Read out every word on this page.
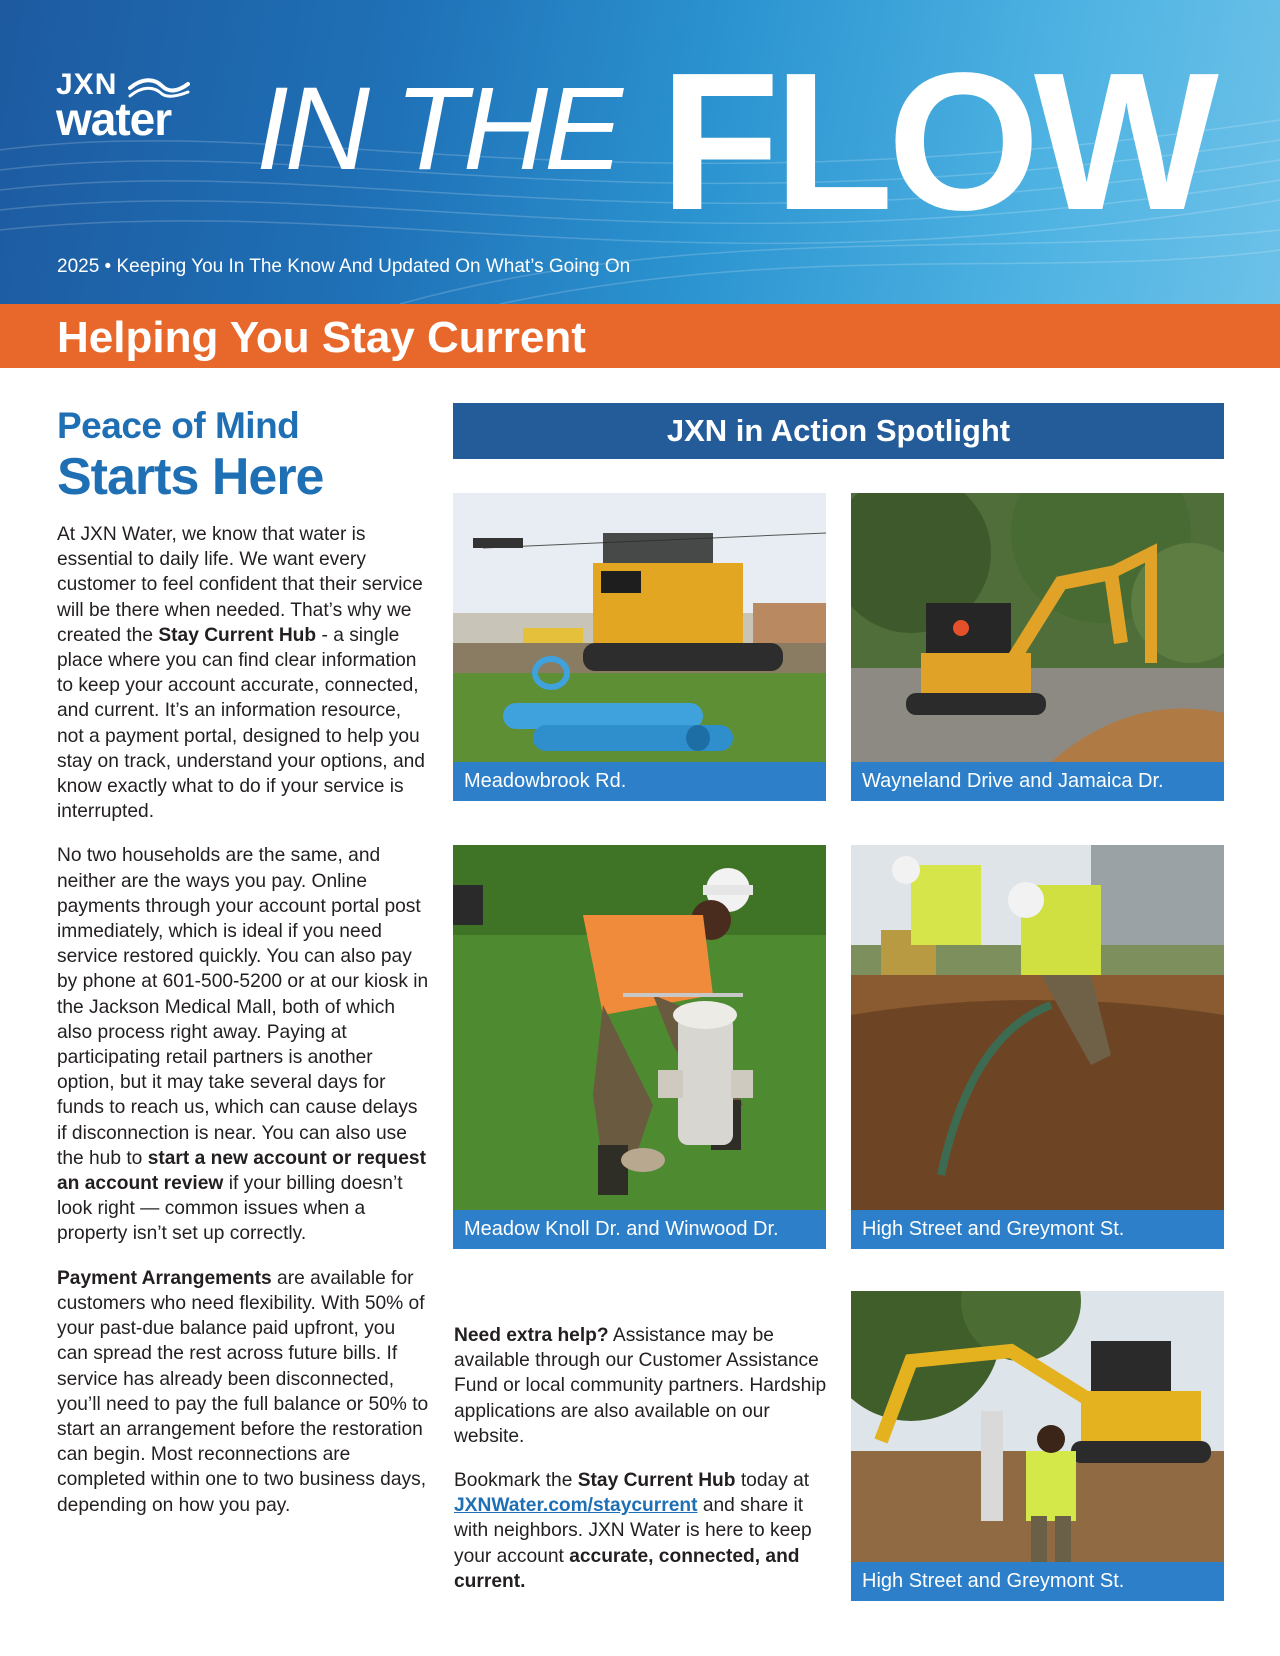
JXN
water IN THE FLOW
2025 • Keeping You In The Know And Updated On What’s Going On
Helping You Stay Current
Peace of Mind
Starts Here

At JXN Water, we know that water is essential to daily life. We want every customer to feel confident that their service will be there when needed. That’s why we created the Stay Current Hub - a single place where you can find clear information to keep your account accurate, connected, and current. It’s an information resource, not a payment portal, designed to help you stay on track, understand your options, and know exactly what to do if your service is interrupted.

No two households are the same, and neither are the ways you pay. Online payments through your account portal post immediately, which is ideal if you need service restored quickly. You can also pay by phone at 601-500-5200 or at our kiosk in the Jackson Medical Mall, both of which also process right away. Paying at participating retail partners is another option, but it may take several days for funds to reach us, which can cause delays if disconnection is near. You can also use the hub to start a new account or request an account review if your billing doesn’t look right — common issues when a property isn’t set up correctly.

Payment Arrangements are available for customers who need flexibility. With 50% of your past-due balance paid upfront, you can spread the rest across future bills. If service has already been disconnected, you’ll need to pay the full balance or 50% to start an arrangement before the restoration can begin. Most reconnections are completed within one to two business days, depending on how you pay.

JXN in Action Spotlight
Meadowbrook Rd.	Wayneland Drive and Jamaica Dr.
Meadow Knoll Dr. and Winwood Dr.	High Street and Greymont St.
High Street and Greymont St.

Need extra help? Assistance may be available through our Customer Assistance Fund or local community partners. Hardship applications are also available on our website.

Bookmark the Stay Current Hub today at JXNWater.com/staycurrent and share it with neighbors. JXN Water is here to keep your account accurate, connected, and current.
